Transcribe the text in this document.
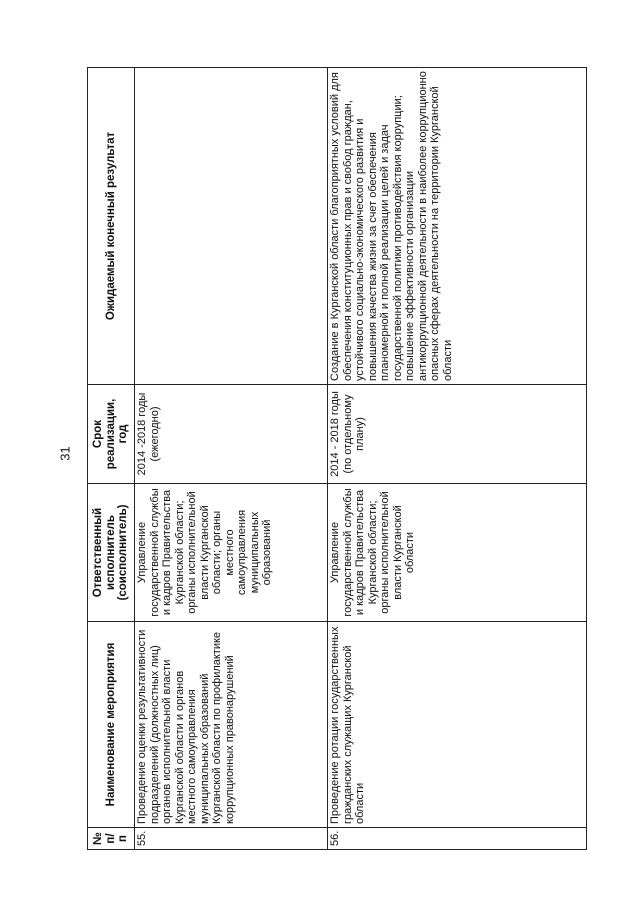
31
№ п/п	Наименование мероприятия	Ответственный исполнитель (соисполнитель)	Срок реализации, год	Ожидаемый конечный результат
55.	Проведение оценки результативности подразделений (должностных лиц) органов исполнительной власти Курганской области и органов местного самоуправления муниципальных образований Курганской области по профилактике коррупционных правонарушений	Управление государственной службы и кадров Правительства Курганской области; органы исполнительной власти Курганской области; органы местного самоуправления муниципальных образований	2014 -2018 годы (ежегодно)	
56.	Проведение ротации государственных гражданских служащих Курганской области	Управление государственной службы и кадров Правительства Курганской области; органы исполнительной власти Курганской области	2014 - 2018 годы (по отдельному плану)	Создание в Курганской области благоприятных условий для обеспечения конституционных прав и свобод граждан, устойчивого социально-экономического развития и повышения качества жизни за счет обеспечения планомерной и полной реализации целей и задач государственной политики противодействия коррупции; повышение эффективности организации антикоррупционной деятельности в наиболее коррупционно опасных сферах деятельности на территории Курганской области
